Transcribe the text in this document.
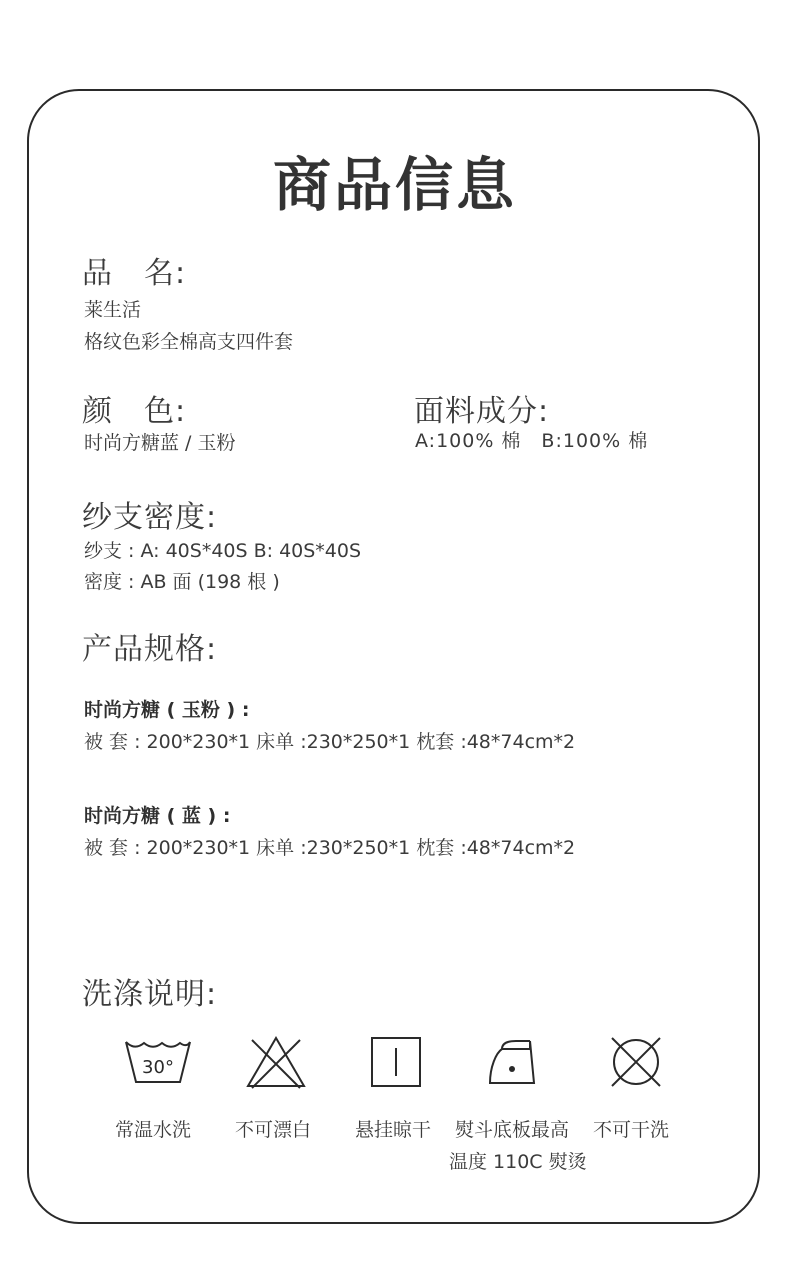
商品信息
品　名:
莱生活
格纹色彩全棉高支四件套
颜　色:
时尚方糖蓝 / 玉粉
面料成分:
A:100% 棉　B:100% 棉
纱支密度:
纱支 : A: 40S*40S B: 40S*40S
密度 : AB 面 (198 根 )
产品规格:
时尚方糖 ( 玉粉 ) :
被 套 : 200*230*1 床单 :230*250*1 枕套 :48*74cm*2
时尚方糖 ( 蓝 ) :
被 套 : 200*230*1 床单 :230*250*1 枕套 :48*74cm*2
洗涤说明:
30°
常温水洗 不可漂白 悬挂晾干 熨斗底板最高
温度 110C 熨烫
不可干洗
